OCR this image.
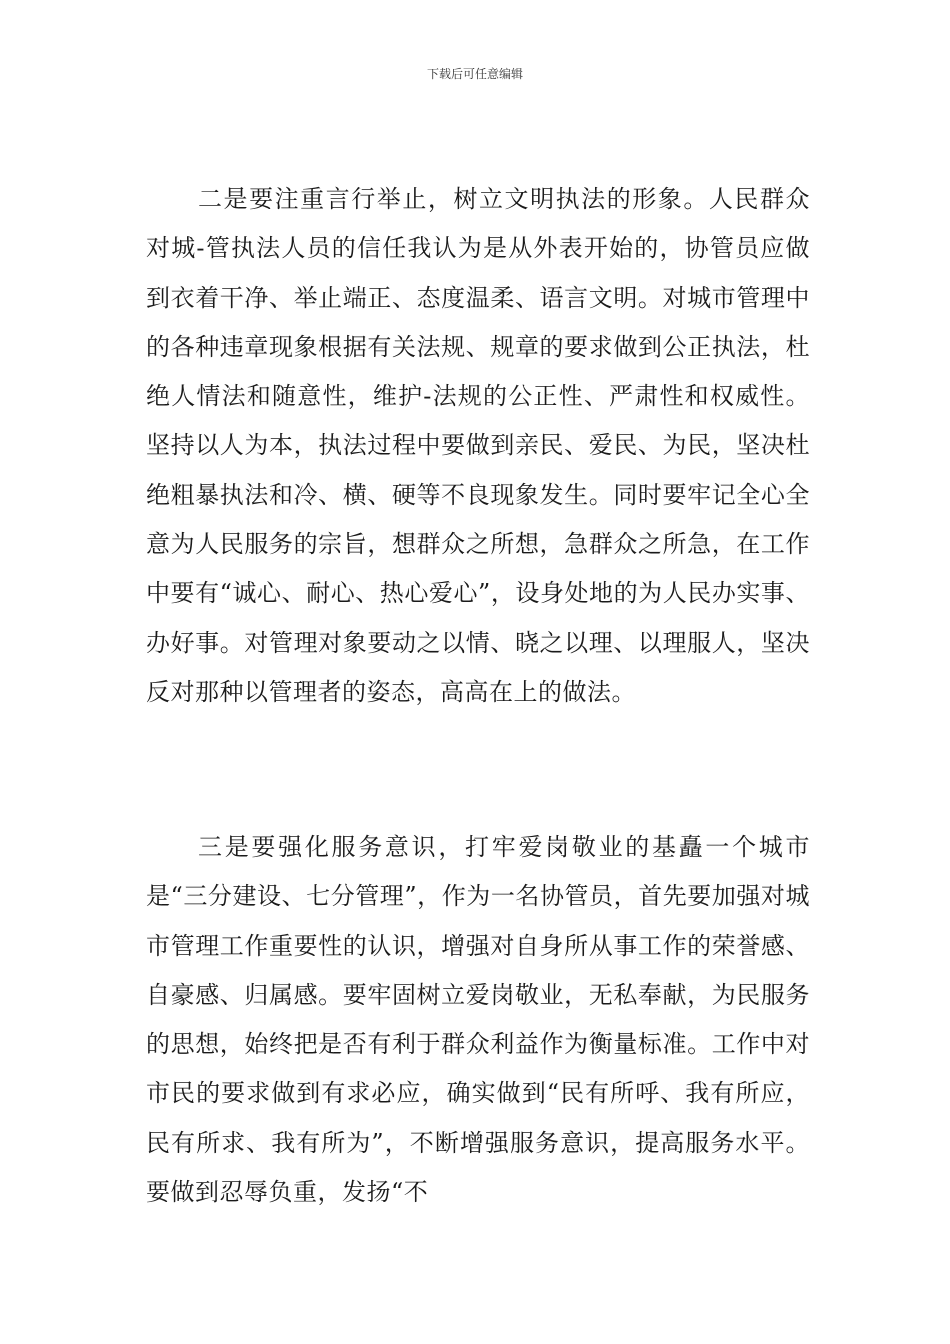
下载后可任意编辑

二是要注重言行举止，树立文明执法的形象。人民群众对城-管执法人员的信任我认为是从外表开始的，协管员应做到衣着干净、举止端正、态度温柔、语言文明。对城市管理中的各种违章现象根据有关法规、规章的要求做到公正执法，杜绝人情法和随意性，维护-法规的公正性、严肃性和权威性。坚持以人为本，执法过程中要做到亲民、爱民、为民，坚决杜绝粗暴执法和冷、横、硬等不良现象发生。同时要牢记全心全意为人民服务的宗旨，想群众之所想，急群众之所急，在工作中要有“诚心、耐心、热心爱心”，设身处地的为人民办实事、办好事。对管理对象要动之以情、晓之以理、以理服人，坚决反对那种以管理者的姿态，高高在上的做法。

三是要强化服务意识，打牢爱岗敬业的基矗一个城市是“三分建设、七分管理”，作为一名协管员，首先要加强对城市管理工作重要性的认识，增强对自身所从事工作的荣誉感、自豪感、归属感。要牢固树立爱岗敬业，无私奉献，为民服务的思想，始终把是否有利于群众利益作为衡量标准。工作中对市民的要求做到有求必应，确实做到“民有所呼、我有所应，民有所求、我有所为”，不断增强服务意识，提高服务水平。要做到忍辱负重，发扬“不
